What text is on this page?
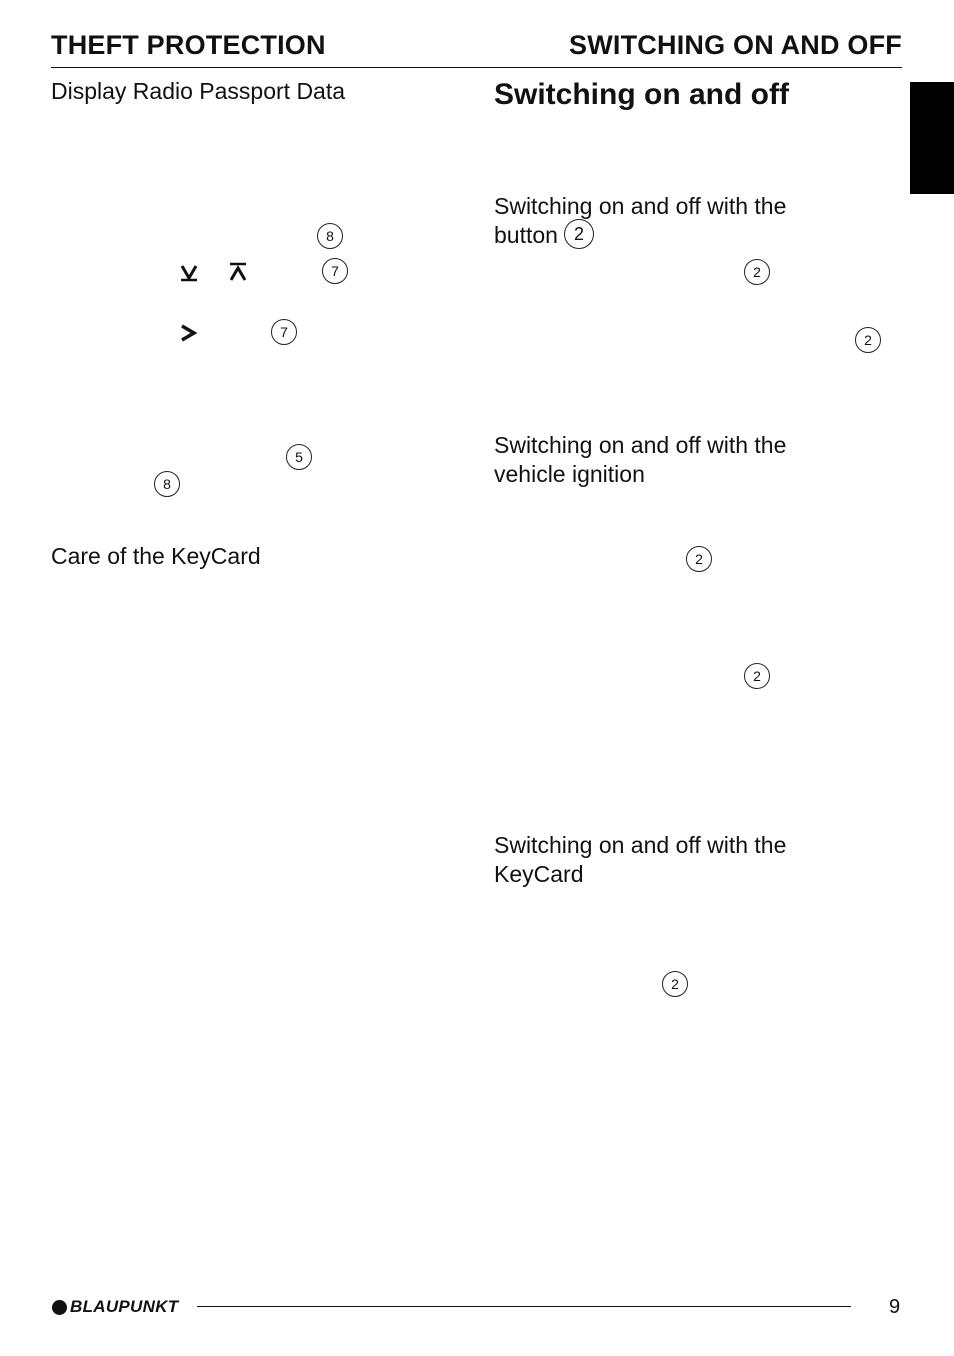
THEFT PROTECTION	SWITCHING ON AND OFF
Display Radio Passport Data
8
7
7
5
8
Care of the KeyCard
Switching on and off
Switching on and off with the
button 2
2
2
Switching on and off with the
vehicle ignition
2
2
Switching on and off with the
KeyCard
2
BLAUPUNKT	9
